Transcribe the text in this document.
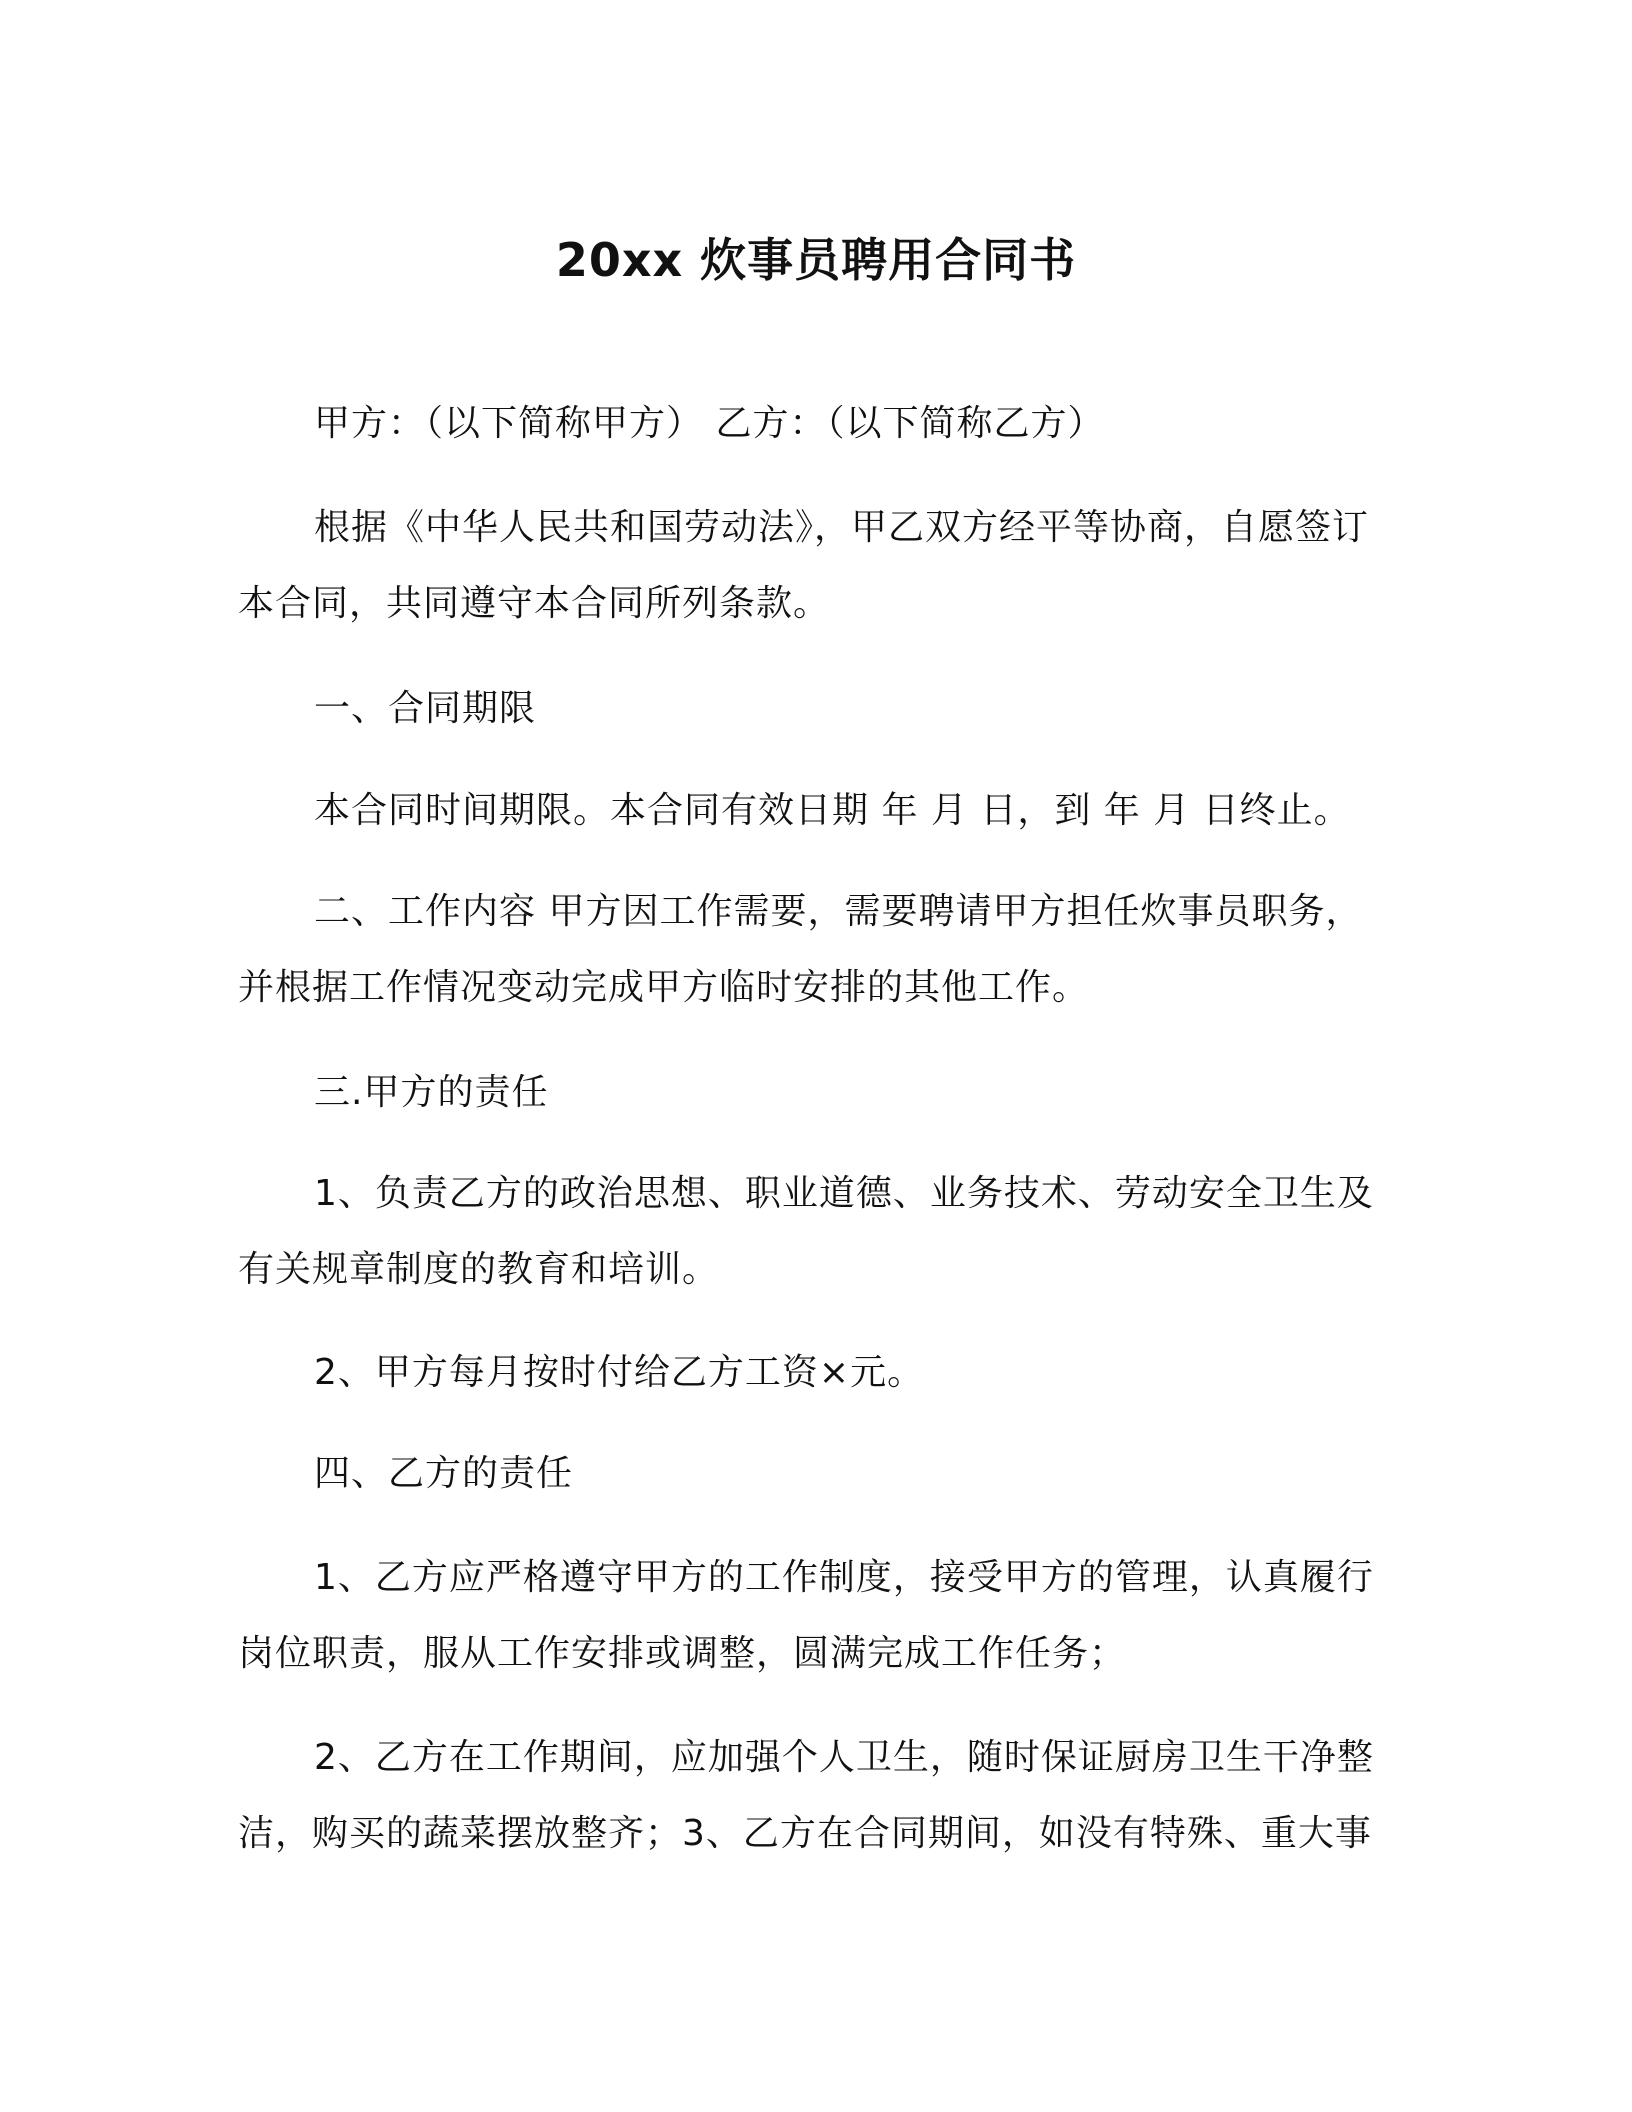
20xx 炊事员聘用合同书
甲方：（以下简称甲方） 乙方：（以下简称乙方）
根据《中华人民共和国劳动法》，甲乙双方经平等协商，自愿签订本合同，共同遵守本合同所列条款。
一、合同期限
本合同时间期限。本合同有效日期 年 月 日，到 年 月 日终止。
二、工作内容 甲方因工作需要，需要聘请甲方担任炊事员职务，并根据工作情况变动完成甲方临时安排的其他工作。
三.甲方的责任
1、负责乙方的政治思想、职业道德、业务技术、劳动安全卫生及有关规章制度的教育和培训。
2、甲方每月按时付给乙方工资×元。
四、乙方的责任
1、乙方应严格遵守甲方的工作制度，接受甲方的管理，认真履行岗位职责，服从工作安排或调整，圆满完成工作任务；
2、乙方在工作期间，应加强个人卫生，随时保证厨房卫生干净整洁，购买的蔬菜摆放整齐；3、乙方在合同期间，如没有特殊、重大事
